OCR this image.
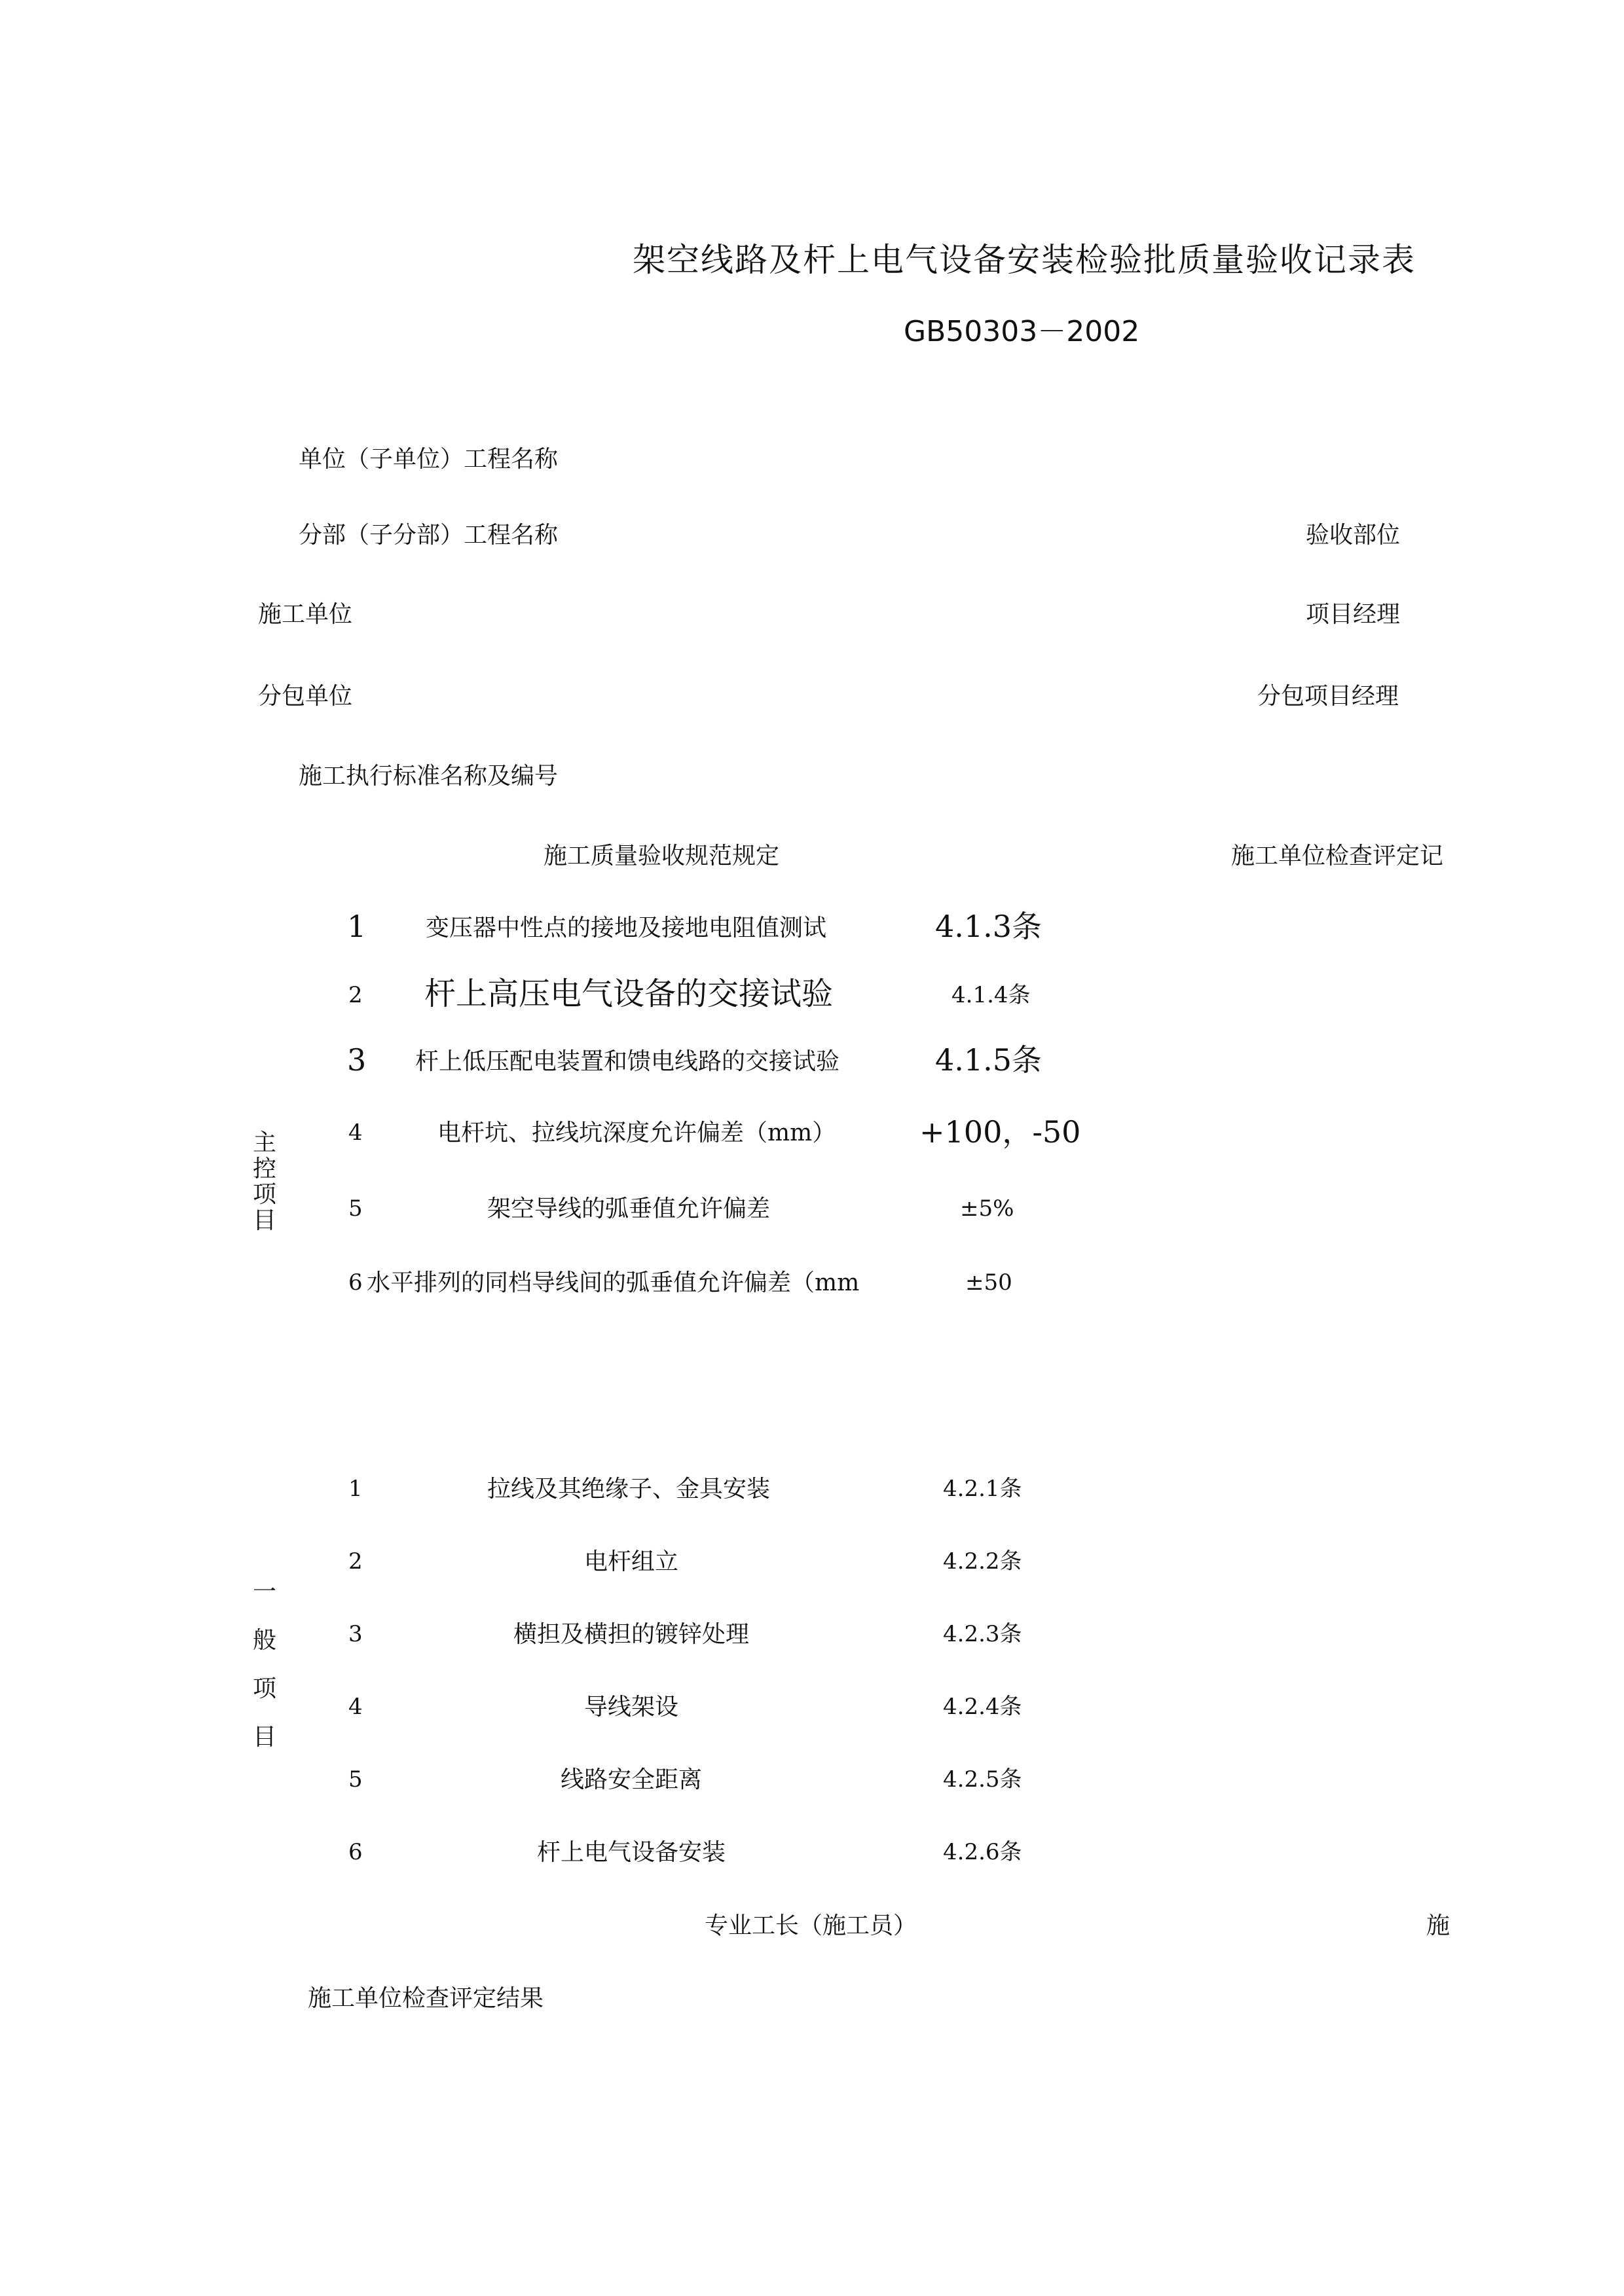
架空线路及杆上电气设备安装检验批质量验收记录表
GB50303－2002
单位（子单位）工程名称
分部（子分部）工程名称	验收部位
施工单位	项目经理
分包单位	分包项目经理
施工执行标准名称及编号
施工质量验收规范规定	施工单位检查评定记
主
控
项
目
1	变压器中性点的接地及接地电阻值测试	4.1.3条
2 杆上高压电气设备的交接试验	4.1.4条
3 杆上低压配电装置和馈电线路的交接试验	4.1.5条
4	电杆坑、拉线坑深度允许偏差（mm）	+100，-50
5	架空导线的弧垂值允许偏差	±5%
6 水平排列的同档导线间的弧垂值允许偏差（mm	±50
一
般
项
目
1	拉线及其绝缘子、金具安装	4.2.1条
2	电杆组立	4.2.2条
3	横担及横担的镀锌处理	4.2.3条
4	导线架设	4.2.4条
5	线路安全距离	4.2.5条
6	杆上电气设备安装	4.2.6条
专业工长（施工员）	施
施工单位检查评定结果
